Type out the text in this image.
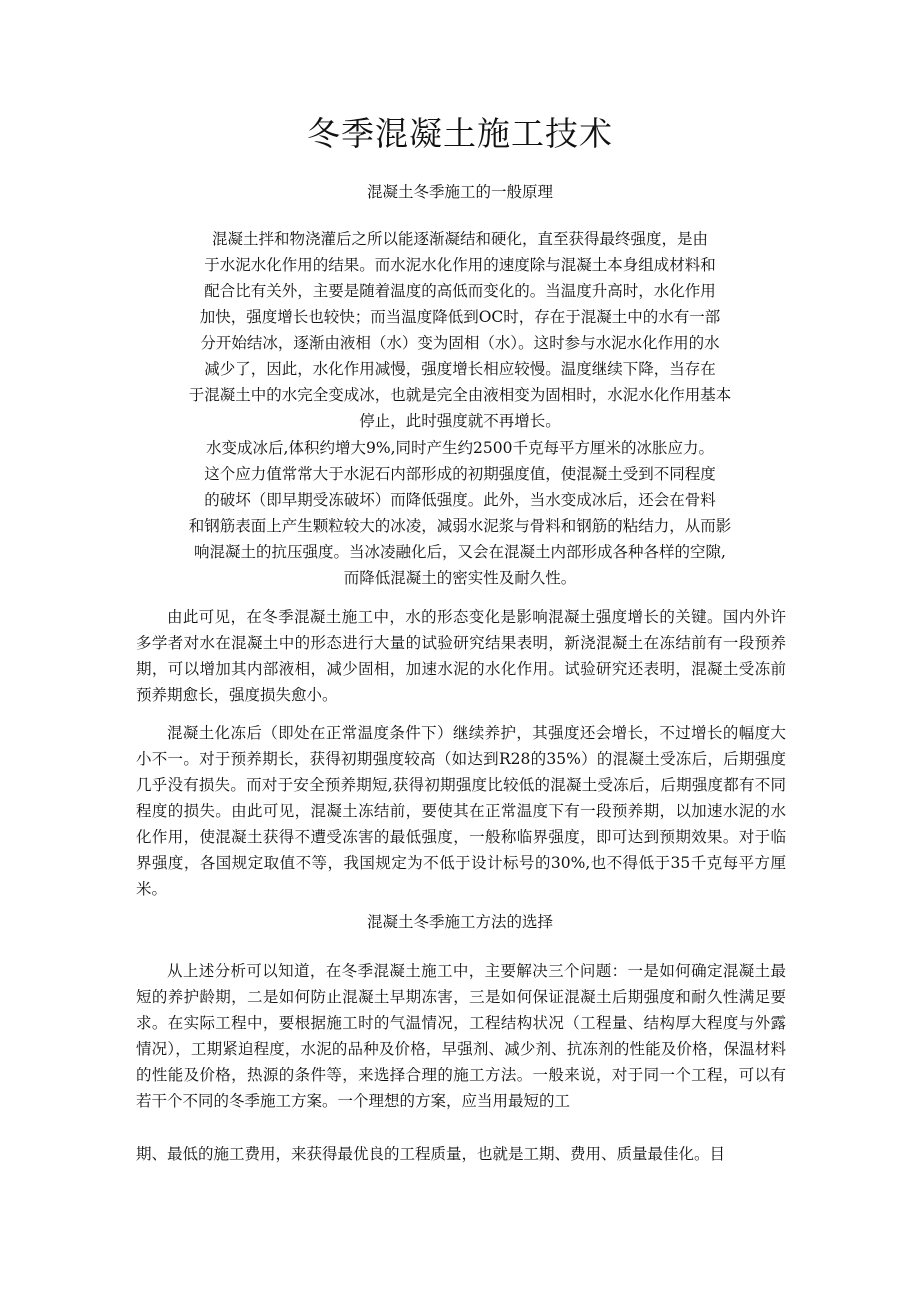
冬季混凝土施工技术
混凝土冬季施工的一般原理
混凝土拌和物浇灌后之所以能逐渐凝结和硬化，直至获得最终强度，是由
于水泥水化作用的结果。而水泥水化作用的速度除与混凝土本身组成材料和
配合比有关外，主要是随着温度的高低而变化的。当温度升高时，水化作用
加快，强度增长也较快；而当温度降低到OC时，存在于混凝土中的水有一部
分开始结冰，逐渐由液相（水）变为固相（水）。这时参与水泥水化作用的水
减少了，因此，水化作用减慢，强度增长相应较慢。温度继续下降，当存在
于混凝土中的水完全变成冰，也就是完全由液相变为固相时，水泥水化作用基本
停止，此时强度就不再增长。
水变成冰后,体积约增大9%,同时产生约2500千克每平方厘米的冰胀应力。
这个应力值常常大于水泥石内部形成的初期强度值，使混凝土受到不同程度
的破坏（即早期受冻破坏）而降低强度。此外，当水变成冰后，还会在骨料
和钢筋表面上产生颗粒较大的冰凌，减弱水泥浆与骨料和钢筋的粘结力，从而影
响混凝土的抗压强度。当冰凌融化后，又会在混凝土内部形成各种各样的空隙,
而降低混凝土的密实性及耐久性。

由此可见，在冬季混凝土施工中，水的形态变化是影响混凝土强度增长的关键。国内外许多学者对水在混凝土中的形态进行大量的试验研究结果表明，新浇混凝土在冻结前有一段预养期，可以增加其内部液相，减少固相，加速水泥的水化作用。试验研究还表明，混凝土受冻前预养期愈长，强度损失愈小。

混凝土化冻后（即处在正常温度条件下）继续养护，其强度还会增长，不过增长的幅度大小不一。对于预养期长，获得初期强度较高（如达到R28的35%）的混凝土受冻后，后期强度几乎没有损失。而对于安全预养期短,获得初期强度比较低的混凝土受冻后，后期强度都有不同程度的损失。由此可见，混凝土冻结前，要使其在正常温度下有一段预养期，以加速水泥的水化作用，使混凝土获得不遭受冻害的最低强度，一般称临界强度，即可达到预期效果。对于临界强度，各国规定取值不等，我国规定为不低于设计标号的30%,也不得低于35千克每平方厘米。

混凝土冬季施工方法的选择

从上述分析可以知道，在冬季混凝土施工中，主要解决三个问题：一是如何确定混凝土最短的养护龄期，二是如何防止混凝土早期冻害，三是如何保证混凝土后期强度和耐久性满足要求。在实际工程中，要根据施工时的气温情况，工程结构状况（工程量、结构厚大程度与外露情况），工期紧迫程度，水泥的品种及价格，早强剂、减少剂、抗冻剂的性能及价格，保温材料的性能及价格，热源的条件等，来选择合理的施工方法。一般来说，对于同一个工程，可以有若干个不同的冬季施工方案。一个理想的方案，应当用最短的工

期、最低的施工费用，来获得最优良的工程质量，也就是工期、费用、质量最佳化。目
